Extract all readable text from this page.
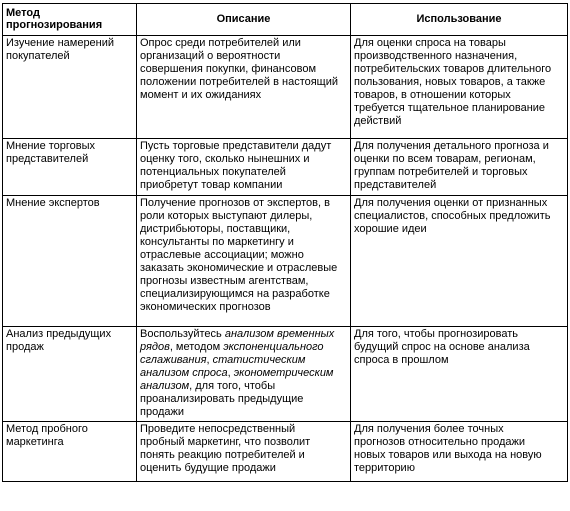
Метод прогнозирования	Описание	Использование
Изучение намерений покупателей	Опрос среди потребителей или организаций о вероятности совершения покупки, финансовом положении потребителей в настоящий момент и их ожиданиях	Для оценки спроса на товары производственного назначения, потребительских товаров длительного пользования, новых товаров, а также товаров, в отношении которых требуется тщательное планирование действий
Мнение торговых представителей	Пусть торговые представители дадут оценку того, сколько нынешних и потенциальных покупателей приобретут товар компании	Для получения детального прогноза и оценки по всем товарам, регионам, группам потребителей и торговых представителей
Мнение экспертов	Получение прогнозов от экспертов, в роли которых выступают дилеры, дистрибьюторы, поставщики, консультанты по маркетингу и отраслевые ассоциации; можно заказать экономические и отраслевые прогнозы известным агентствам, специализирующимся на разработке экономических прогнозов	Для получения оценки от признанных специалистов, способных предложить хорошие идеи
Анализ предыдущих продаж	Воспользуйтесь анализом временных рядов, методом экспоненциального сглаживания, статистическим анализом спроса, эконометрическим анализом, для того, чтобы проанализировать предыдущие продажи	Для того, чтобы прогнозировать будущий спрос на основе анализа спроса в прошлом
Метод пробного маркетинга	Проведите непосредственный пробный маркетинг, что позволит понять реакцию потребителей и оценить будущие продажи	Для получения более точных прогнозов относительно продажи новых товаров или выхода на новую территорию
